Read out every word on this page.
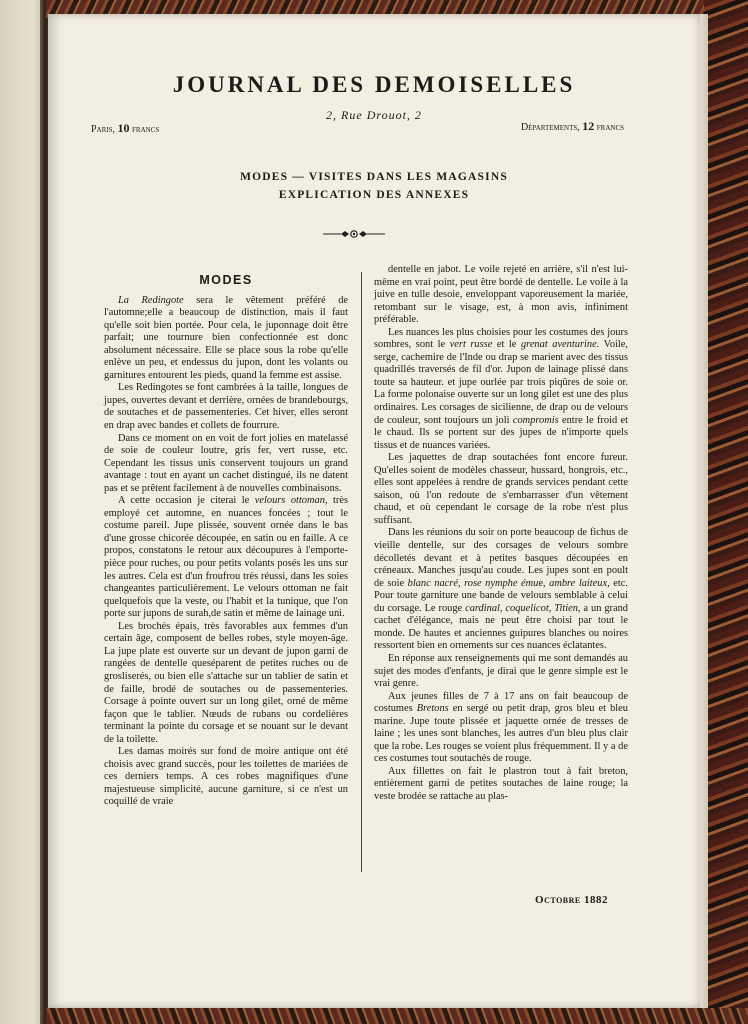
JOURNAL DES DEMOISELLES
2, Rue Drouot, 2
Paris, 10 francs	Départements, 12 francs
MODES — VISITES DANS LES MAGASINS
EXPLICATION DES ANNEXES
MODES

La Redingote sera le vêtement préféré de l'automne;elle a beaucoup de distinction, mais il faut qu'elle soit bien portée. Pour cela, le juponnage doit être parfait; une tournure bien confectionnée est donc absolument nécessaire. Elle se place sous la robe qu'elle enlève un peu, et endessus du jupon, dont les volants ou garnitures entourent les pieds, quand la femme est assise.

Les Redingotes se font cambrées à la taille, longues de jupes, ouvertes devant et derrière, ornées de brandebourgs, de soutaches et de passementeries. Cet hiver, elles seront en drap avec bandes et collets de fourrure.

Dans ce moment on en voit de fort jolies en matelassé de soie de couleur loutre, gris fer, vert russe, etc. Cependant les tissus unis conservent toujours un grand avantage : tout en ayant un cachet distingué, ils ne datent pas et se prêtent facilement à de nouvelles combinaisons.

A cette occasion je citerai le velours ottoman, très employé cet automne, en nuances foncées ; tout le costume pareil. Jupe plissée, souvent ornée dans le bas d'une grosse chicorée découpée, en satin ou en faille. A ce propos, constatons le retour aux découpures à l'emporte-pièce pour ruches, ou pour petits volants posés les uns sur les autres. Cela est d'un froufrou très réussi, dans les soies changeantes particulièrement. Le velours ottoman ne fait quelquefois que la veste, ou l'habit et la tunique, que l'on porte sur jupons de surah,de satin et même de lainage uni.

Les brochés épais, très favorables aux femmes d'un certain âge, composent de belles robes, style moyen-âge. La jupe plate est ouverte sur un devant de jupon garni de rangées de dentelle queséparent de petites ruches ou de grosliserés, ou bien elle s'attache sur un tablier de satin et de faille, brodé de soutaches ou de passementeries. Corsage à pointe ouvert sur un long gilet, orné de même façon que le tablier. Nœuds de rubans ou cordelières terminant la pointe du corsage et se nouant sur le devant de la toilette.

Les damas moirés sur fond de moire antique ont été choisis avec grand succès, pour les toilettes de mariées de ces derniers temps. A ces robes magnifiques d'une majestueuse simplicité, aucune garniture, si ce n'est un coquillé de vraie

dentelle en jabot. Le voile rejeté en arrière, s'il n'est lui-même en vrai point, peut être bordé de dentelle. Le voile à la juive en tulle desoie, enveloppant vaporeusement la mariée, retombant sur le visage, est, à mon avis, infiniment préférable.

Les nuances les plus choisies pour les costumes des jours sombres, sont le vert russe et le grenat aventurine. Voile, serge, cachemire de l'Inde ou drap se marient avec des tissus quadrillés traversés de fil d'or. Jupon de lainage plissé dans toute sa hauteur. et jupe ourlée par trois piqûres de soie or. La forme polonaise ouverte sur un long gilet est une des plus ordinaires. Les corsages de sicilienne, de drap ou de velours de couleur, sont toujours un joli compromis entre le froid et le chaud. Ils se portent sur des jupes de n'importe quels tissus et de nuances variées.

Les jaquettes de drap soutachées font encore fureur. Qu'elles soient de modèles chasseur, hussard, hongrois, etc., elles sont appelées à rendre de grands services pendant cette saison, où l'on redoute de s'embarrasser d'un vêtement chaud, et où cependant le corsage de la robe n'est plus suffisant.

Dans les réunions du soir on porte beaucoup de fichus de vieille dentelle, sur des corsages de velours sombre décolletés devant et à petites basques découpées en créneaux. Manches jusqu'au coude. Les jupes sont en poult de soie blanc nacré, rose nymphe émue, ambre laiteux, etc. Pour toute garniture une bande de velours semblable à celui du corsage. Le rouge cardinal, coquelicot, Titien, a un grand cachet d'élégance, mais ne peut être choisi par tout le monde. De hautes et anciennes guipures blanches ou noires ressortent bien en ornements sur ces nuances éclatantes.

En réponse aux renseignements qui me sont demandés au sujet des modes d'enfants, je dirai que le genre simple est le vrai genre.

Aux jeunes filles de 7 à 17 ans on fait beaucoup de costumes Bretons en sergé ou petit drap, gros bleu et bleu marine. Jupe toute plissée et jaquette ornée de tresses de laine ; les unes sont blanches, les autres d'un bleu plus clair que la robe. Les rouges se voient plus fréquemment. Il y a de ces costumes tout soutachés de rouge.

Aux fillettes on fait le plastron tout à fait breton, entièrement garni de petites soutaches de laine rouge; la veste brodée se rattache au plas-

Octobre 1882
